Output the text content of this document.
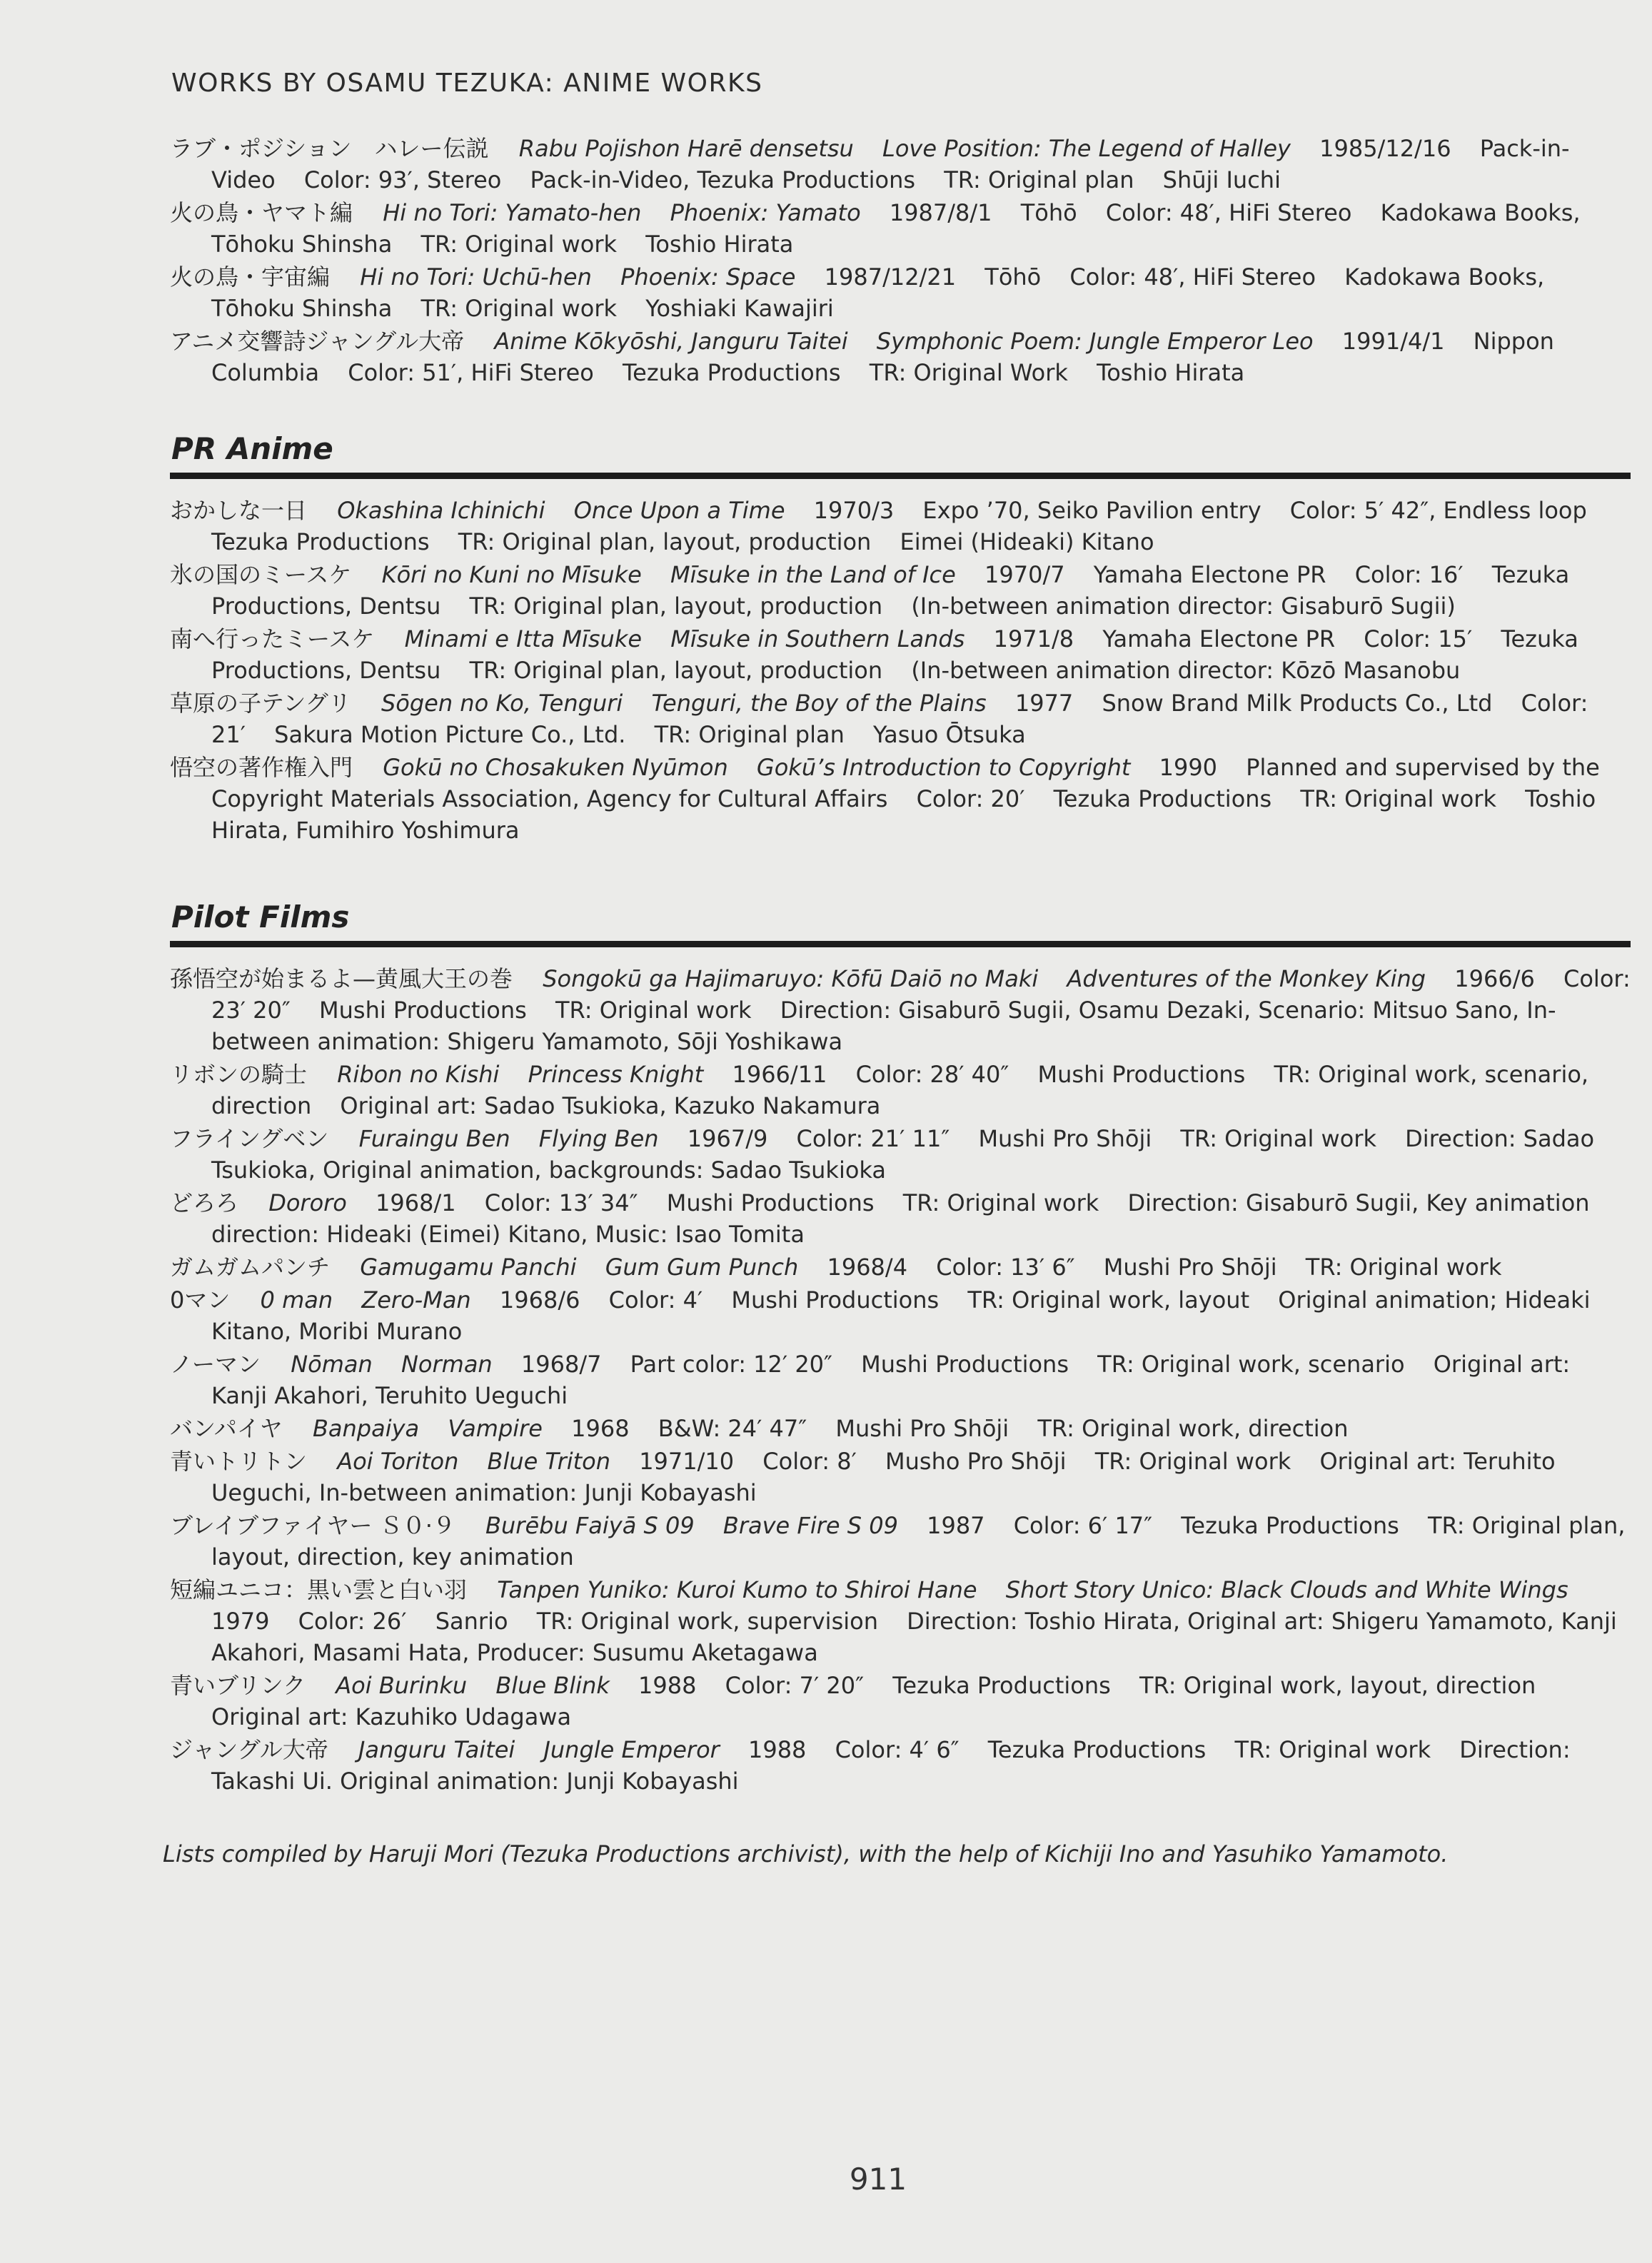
WORKS BY OSAMU TEZUKA: ANIME WORKS

ラブ・ポジション　ハレー伝説 Rabu Pojishon Harē densetsu Love Position: The Legend of Halley 1985/12/16 Pack-in-Video Color: 93′, Stereo Pack-in-Video, Tezuka Productions TR: Original plan Shūji Iuchi

火の鳥・ヤマト編 Hi no Tori: Yamato-hen Phoenix: Yamato 1987/8/1 Tōhō Color: 48′, HiFi Stereo Kadokawa Books, Tōhoku Shinsha TR: Original work Toshio Hirata

火の鳥・宇宙編 Hi no Tori: Uchū-hen Phoenix: Space 1987/12/21 Tōhō Color: 48′, HiFi Stereo Kadokawa Books, Tōhoku Shinsha TR: Original work Yoshiaki Kawajiri

アニメ交響詩ジャングル大帝 Anime Kōkyōshi, Janguru Taitei Symphonic Poem: Jungle Emperor Leo 1991/4/1 Nippon Columbia Color: 51′, HiFi Stereo Tezuka Productions TR: Original Work Toshio Hirata

PR Anime

おかしな一日 Okashina Ichinichi Once Upon a Time 1970/3 Expo ’70, Seiko Pavilion entry Color: 5′ 42″, Endless loop Tezuka Productions TR: Original plan, layout, production Eimei (Hideaki) Kitano

氷の国のミースケ Kōri no Kuni no Mīsuke Mīsuke in the Land of Ice 1970/7 Yamaha Electone PR Color: 16′ Tezuka Productions, Dentsu TR: Original plan, layout, production (In-between animation director: Gisaburō Sugii)

南へ行ったミースケ Minami e Itta Mīsuke Mīsuke in Southern Lands 1971/8 Yamaha Electone PR Color: 15′ Tezuka Productions, Dentsu TR: Original plan, layout, production (In-between animation director: Kōzō Masanobu

草原の子テングリ Sōgen no Ko, Tenguri Tenguri, the Boy of the Plains 1977 Snow Brand Milk Products Co., Ltd Color: 21′ Sakura Motion Picture Co., Ltd. TR: Original plan Yasuo Ōtsuka

悟空の著作権入門 Gokū no Chosakuken Nyūmon Gokū’s Introduction to Copyright 1990 Planned and supervised by the Copyright Materials Association, Agency for Cultural Affairs Color: 20′ Tezuka Productions TR: Original work Toshio Hirata, Fumihiro Yoshimura

Pilot Films

孫悟空が始まるよ—黄風大王の巻 Songokū ga Hajimaruyo: Kōfū Daiō no Maki Adventures of the Monkey King 1966/6 Color: 23′ 20″ Mushi Productions TR: Original work Direction: Gisaburō Sugii, Osamu Dezaki, Scenario: Mitsuo Sano, In-between animation: Shigeru Yamamoto, Sōji Yoshikawa

リボンの騎士 Ribon no Kishi Princess Knight 1966/11 Color: 28′ 40″ Mushi Productions TR: Original work, scenario, direction Original art: Sadao Tsukioka, Kazuko Nakamura

フライングベン Furaingu Ben Flying Ben 1967/9 Color: 21′ 11″ Mushi Pro Shōji TR: Original work Direction: Sadao Tsukioka, Original animation, backgrounds: Sadao Tsukioka

どろろ Dororo 1968/1 Color: 13′ 34″ Mushi Productions TR: Original work Direction: Gisaburō Sugii, Key animation direction: Hideaki (Eimei) Kitano, Music: Isao Tomita

ガムガムパンチ Gamugamu Panchi Gum Gum Punch 1968/4 Color: 13′ 6″ Mushi Pro Shōji TR: Original work

0マン 0 man Zero-Man 1968/6 Color: 4′ Mushi Productions TR: Original work, layout Original animation; Hideaki Kitano, Moribi Murano

ノーマン Nōman Norman 1968/7 Part color: 12′ 20″ Mushi Productions TR: Original work, scenario Original art: Kanji Akahori, Teruhito Ueguchi

バンパイヤ Banpaiya Vampire 1968 B&W: 24′ 47″ Mushi Pro Shōji TR: Original work, direction

青いトリトン Aoi Toriton Blue Triton 1971/10 Color: 8′ Musho Pro Shōji TR: Original work Original art: Teruhito Ueguchi, In-between animation: Junji Kobayashi

ブレイブファイヤー Ｓ０·９ Burēbu Faiyā S 09 Brave Fire S 09 1987 Color: 6′ 17″ Tezuka Productions TR: Original plan, layout, direction, key animation

短編ユニコ：黒い雲と白い羽 Tanpen Yuniko: Kuroi Kumo to Shiroi Hane Short Story Unico: Black Clouds and White Wings 1979 Color: 26′ Sanrio TR: Original work, supervision Direction: Toshio Hirata, Original art: Shigeru Yamamoto, Kanji Akahori, Masami Hata, Producer: Susumu Aketagawa

青いブリンク Aoi Burinku Blue Blink 1988 Color: 7′ 20″ Tezuka Productions TR: Original work, layout, direction Original art: Kazuhiko Udagawa

ジャングル大帝 Janguru Taitei Jungle Emperor 1988 Color: 4′ 6″ Tezuka Productions TR: Original work Direction: Takashi Ui. Original animation: Junji Kobayashi

Lists compiled by Haruji Mori (Tezuka Productions archivist), with the help of Kichiji Ino and Yasuhiko Yamamoto.
911
